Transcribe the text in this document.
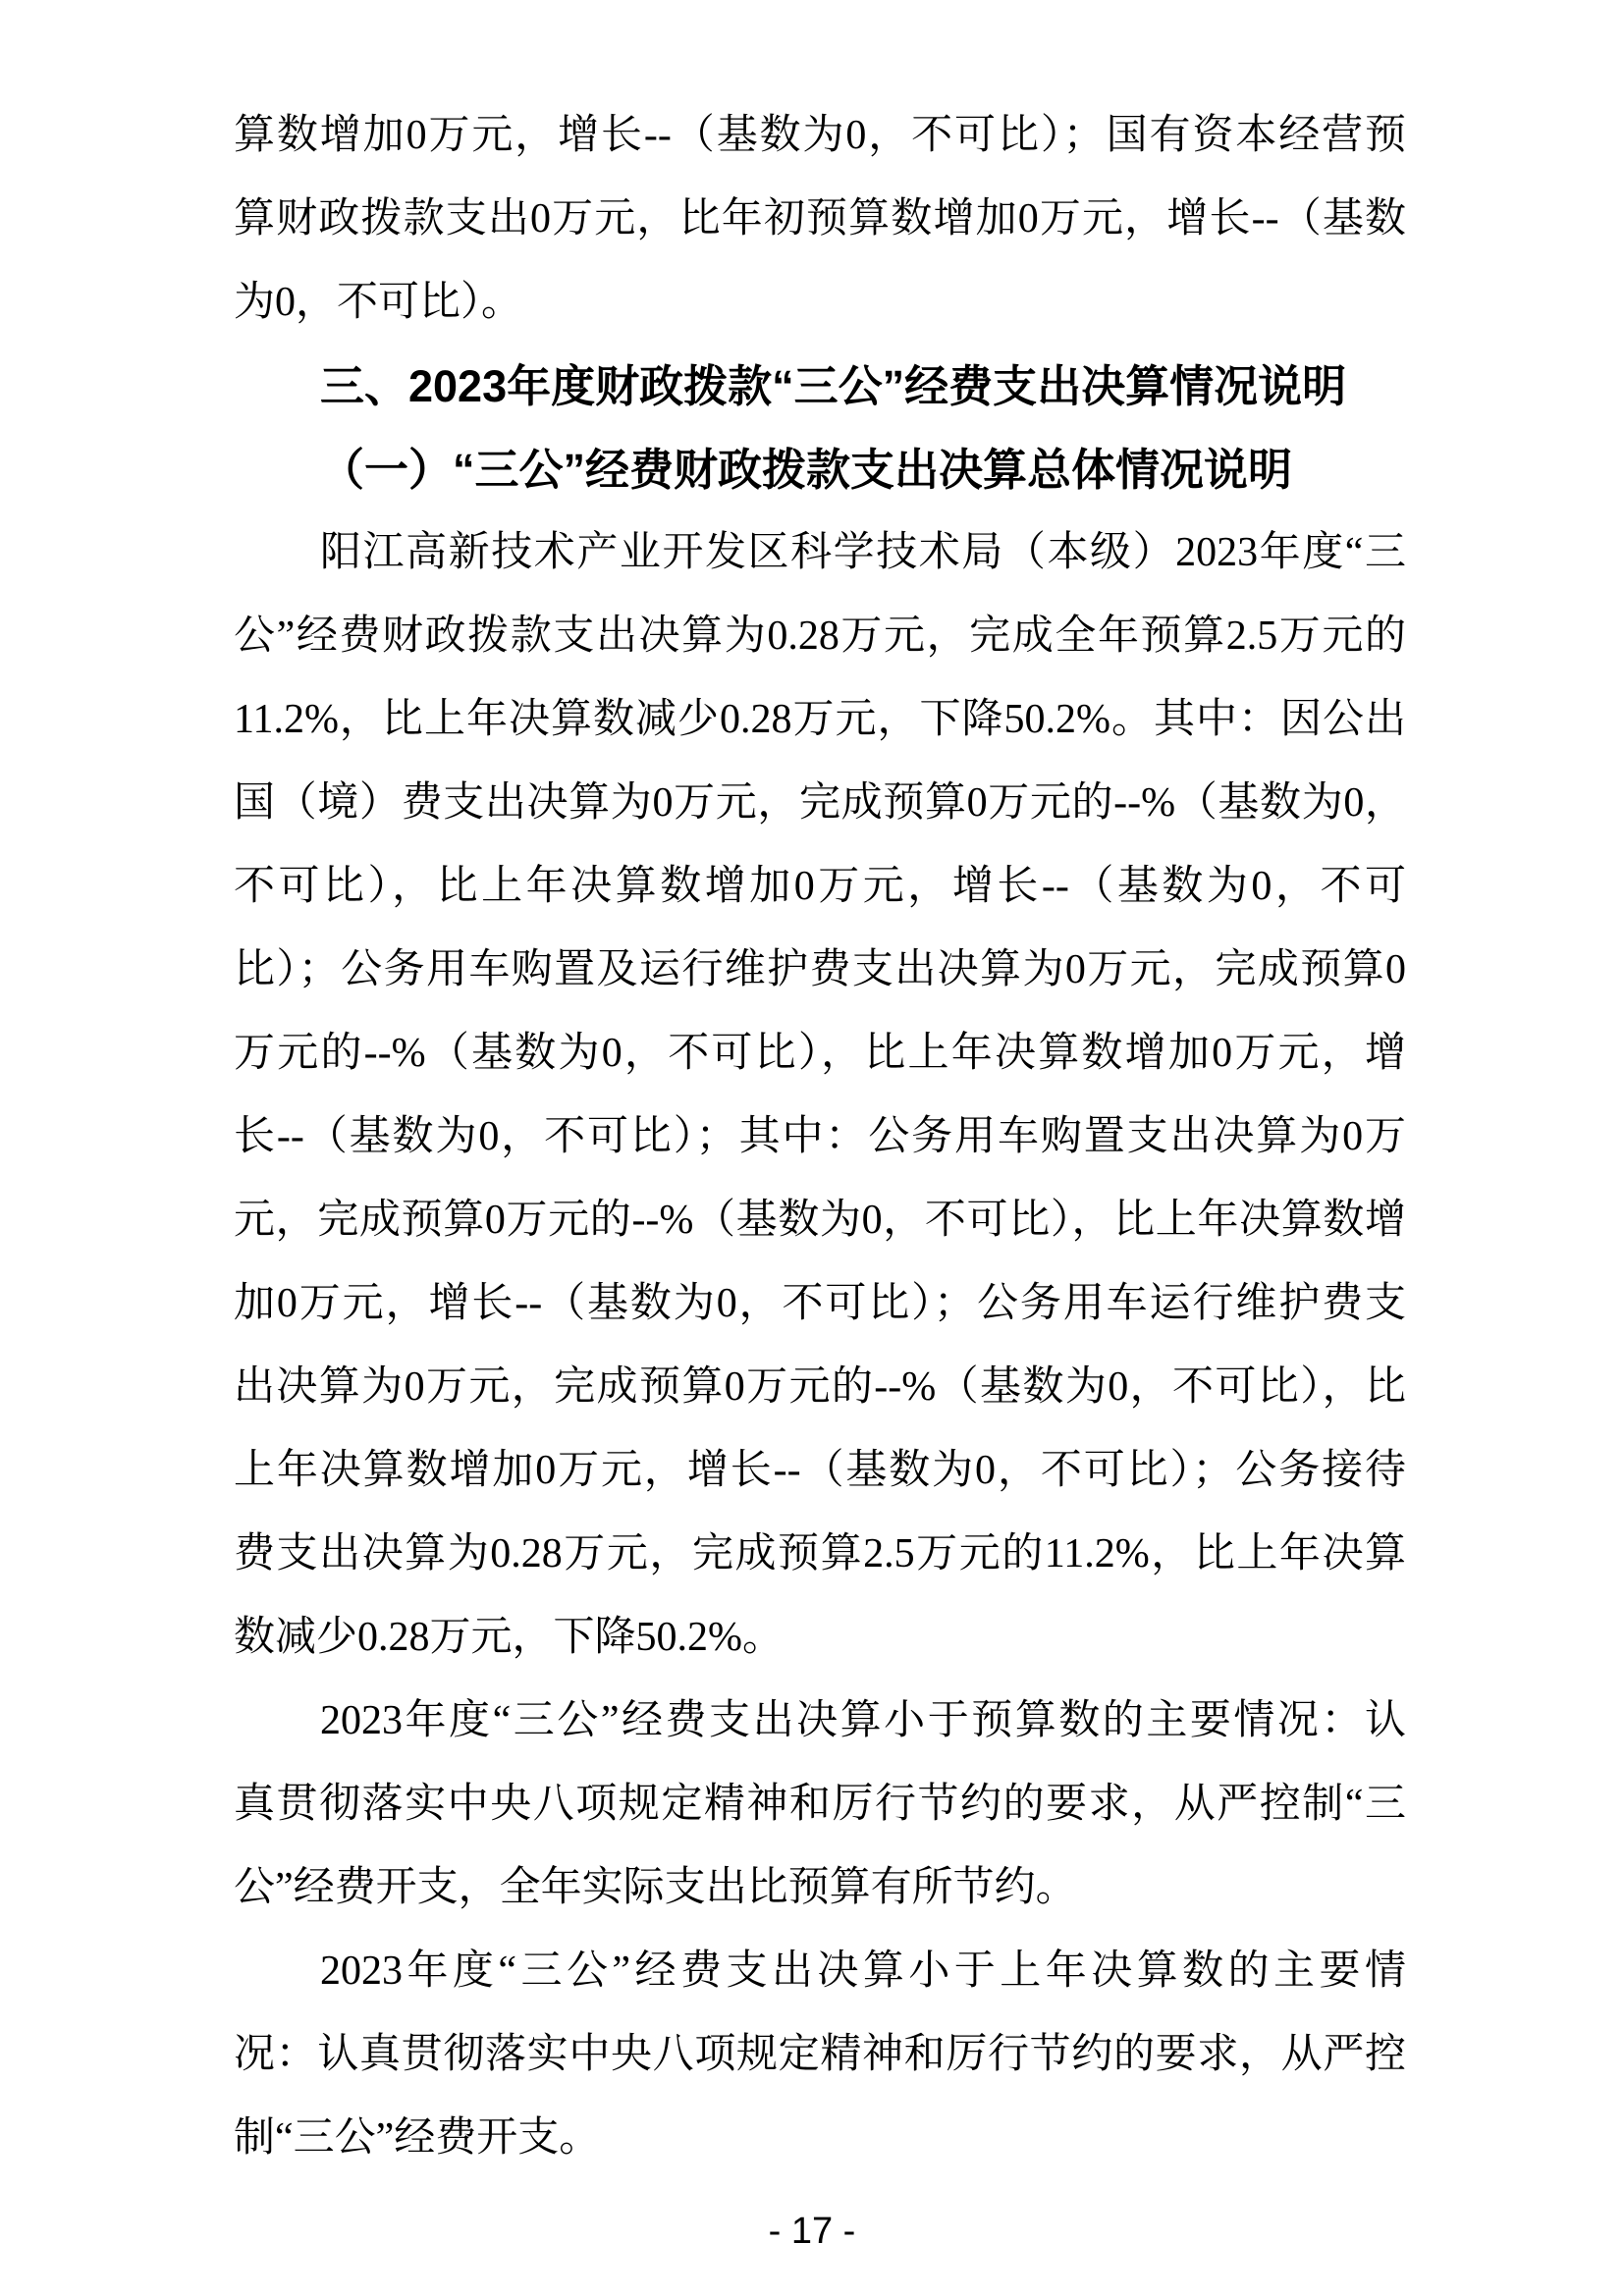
算数增加0万元，增长--（基数为0，不可比）；国有资本经营预
算财政拨款支出0万元，比年初预算数增加0万元，增长--（基数
为0，不可比）。
三、2023年度财政拨款“三公”经费支出决算情况说明
（一）“三公”经费财政拨款支出决算总体情况说明
阳江高新技术产业开发区科学技术局（本级）2023年度“三
公”经费财政拨款支出决算为0.28万元，完成全年预算2.5万元的
11.2%，比上年决算数减少0.28万元，下降50.2%。其中：因公出
国（境）费支出决算为0万元，完成预算0万元的--%（基数为0，
不可比），比上年决算数增加0万元，增长--（基数为0，不可
比）；公务用车购置及运行维护费支出决算为0万元，完成预算0
万元的--%（基数为0，不可比），比上年决算数增加0万元，增
长--（基数为0，不可比）；其中：公务用车购置支出决算为0万
元，完成预算0万元的--%（基数为0，不可比），比上年决算数增
加0万元，增长--（基数为0，不可比）；公务用车运行维护费支
出决算为0万元，完成预算0万元的--%（基数为0，不可比），比
上年决算数增加0万元，增长--（基数为0，不可比）；公务接待
费支出决算为0.28万元，完成预算2.5万元的11.2%，比上年决算
数减少0.28万元，下降50.2%。
2023年度“三公”经费支出决算小于预算数的主要情况：认
真贯彻落实中央八项规定精神和厉行节约的要求，从严控制“三
公”经费开支，全年实际支出比预算有所节约。
2023年度“三公”经费支出决算小于上年决算数的主要情
况：认真贯彻落实中央八项规定精神和厉行节约的要求，从严控
制“三公”经费开支。
- 17 -
